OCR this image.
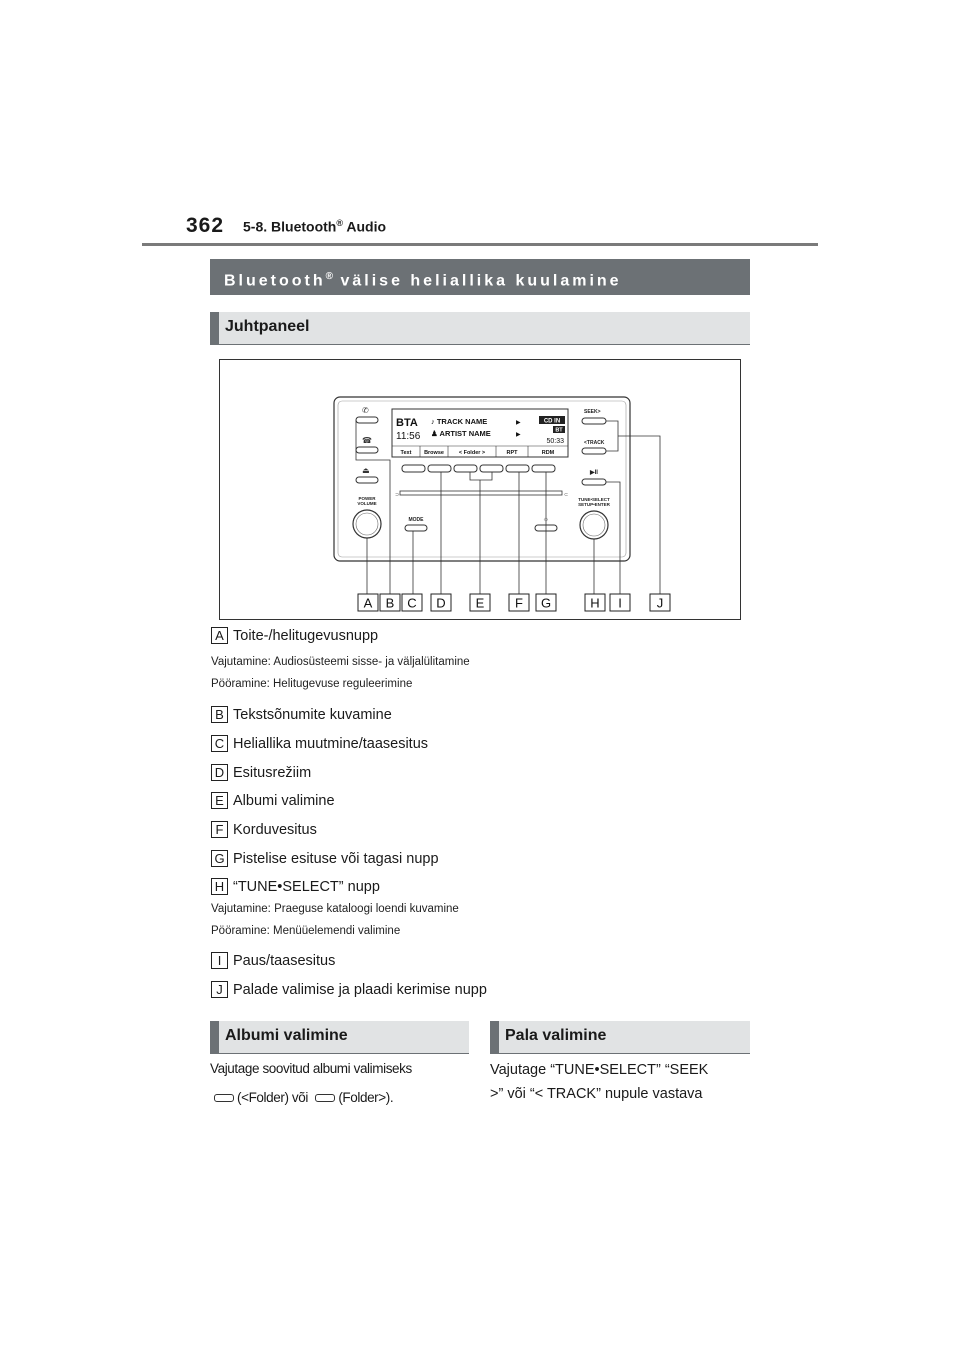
362 5-8. Bluetooth® Audio
Bluetooth® välise heliallika kuulamine
Juhtpaneel
✆
☎
⏏
POWER
VOLUME
BTA
11:56
♪ TRACK NAME
♟ ARTIST NAME
▶
▶
CD IN
BT
50:33
Text Browse	< Folder >	RPT	RDM
⊃	⊂
MODE	☼
SEEK>
<TRACK
▶II
TUNE•SELECT
SETUP•ENTER
A B C D E F G	H I	J
A Toite-/helitugevusnupp
Vajutamine: Audiosüsteemi sisse- ja väljalülitamine
Pööramine: Helitugevuse reguleerimine
B Tekstsõnumite kuvamine
C Heliallika muutmine/taasesitus
D Esitusrežiim
E Albumi valimine
F Korduvesitus
G Pistelise esituse või tagasi nupp
H “TUNE•SELECT” nupp
Vajutamine: Praeguse kataloogi loendi kuvamine
Pööramine: Menüüelemendi valimine
I Paus/taasesitus
J Palade valimise ja plaadi kerimise nupp
Albumi valimine	Pala valimine
Vajutage soovitud albumi valimiseks
(<Folder) või (Folder>).
Vajutage “TUNE•SELECT” “SEEK
>” või “< TRACK” nupule vastava
